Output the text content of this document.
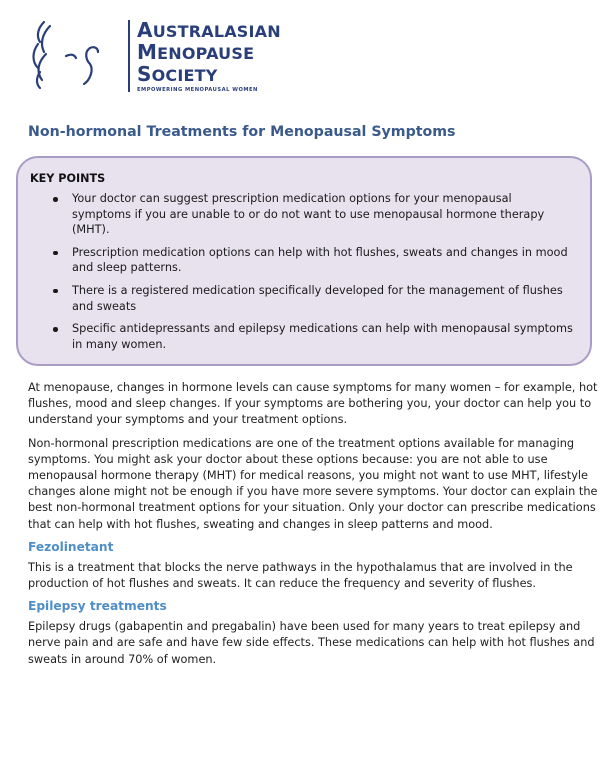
AUSTRALASIAN
MENOPAUSE
SOCIETY
EMPOWERING MENOPAUSAL WOMEN
Non-hormonal Treatments for Menopausal Symptoms
KEY POINTS
Your doctor can suggest prescription medication options for your menopausal symptoms if you are unable to or do not want to use menopausal hormone therapy (MHT).
Prescription medication options can help with hot flushes, sweats and changes in mood and sleep patterns.
There is a registered medication specifically developed for the management of flushes and sweats
Specific antidepressants and epilepsy medications can help with menopausal symptoms in many women.

At menopause, changes in hormone levels can cause symptoms for many women – for example, hot flushes, mood and sleep changes. If your symptoms are bothering you, your doctor can help you to understand your symptoms and your treatment options.

Non-hormonal prescription medications are one of the treatment options available for managing symptoms. You might ask your doctor about these options because: you are not able to use menopausal hormone therapy (MHT) for medical reasons, you might not want to use MHT, lifestyle changes alone might not be enough if you have more severe symptoms. Your doctor can explain the best non-hormonal treatment options for your situation. Only your doctor can prescribe medications that can help with hot flushes, sweating and changes in sleep patterns and mood.

Fezolinetant

This is a treatment that blocks the nerve pathways in the hypothalamus that are involved in the production of hot flushes and sweats. It can reduce the frequency and severity of flushes.

Epilepsy treatments

Epilepsy drugs (gabapentin and pregabalin) have been used for many years to treat epilepsy and nerve pain and are safe and have few side effects. These medications can help with hot flushes and sweats in around 70% of women.
